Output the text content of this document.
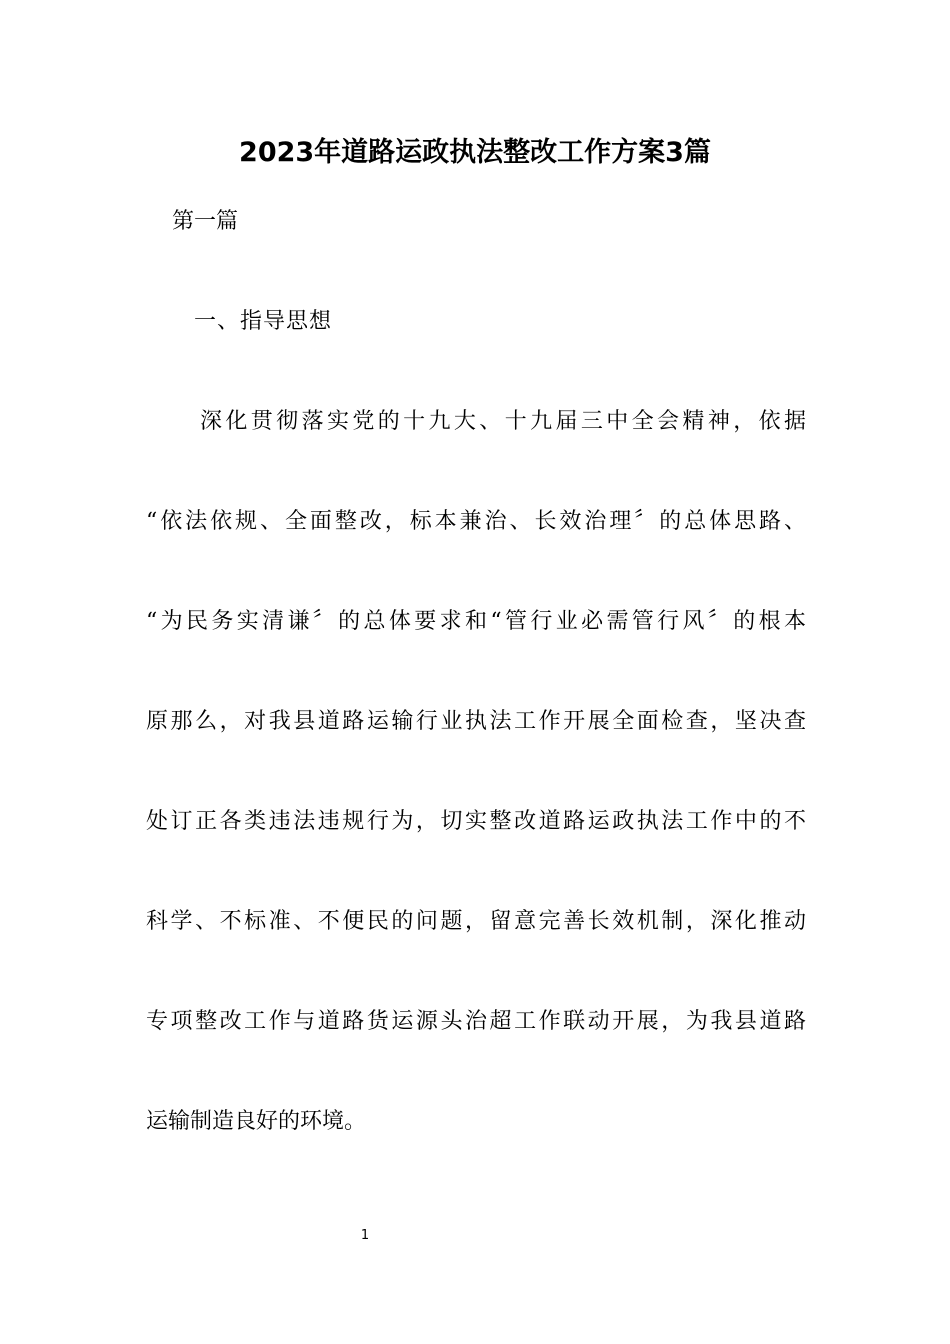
2023年道路运政执法整改工作方案3篇
第一篇
一、指导思想
深化贯彻落实党的十九大、十九届三中全会精神，依据
“依法依规、全面整改，标本兼治、长效治理〞的总体思路、
“为民务实清谦〞的总体要求和“管行业必需管行风〞的根本
原那么，对我县道路运输行业执法工作开展全面检查，坚决查
处订正各类违法违规行为，切实整改道路运政执法工作中的不
科学、不标准、不便民的问题，留意完善长效机制，深化推动
专项整改工作与道路货运源头治超工作联动开展，为我县道路
运输制造良好的环境。
1
